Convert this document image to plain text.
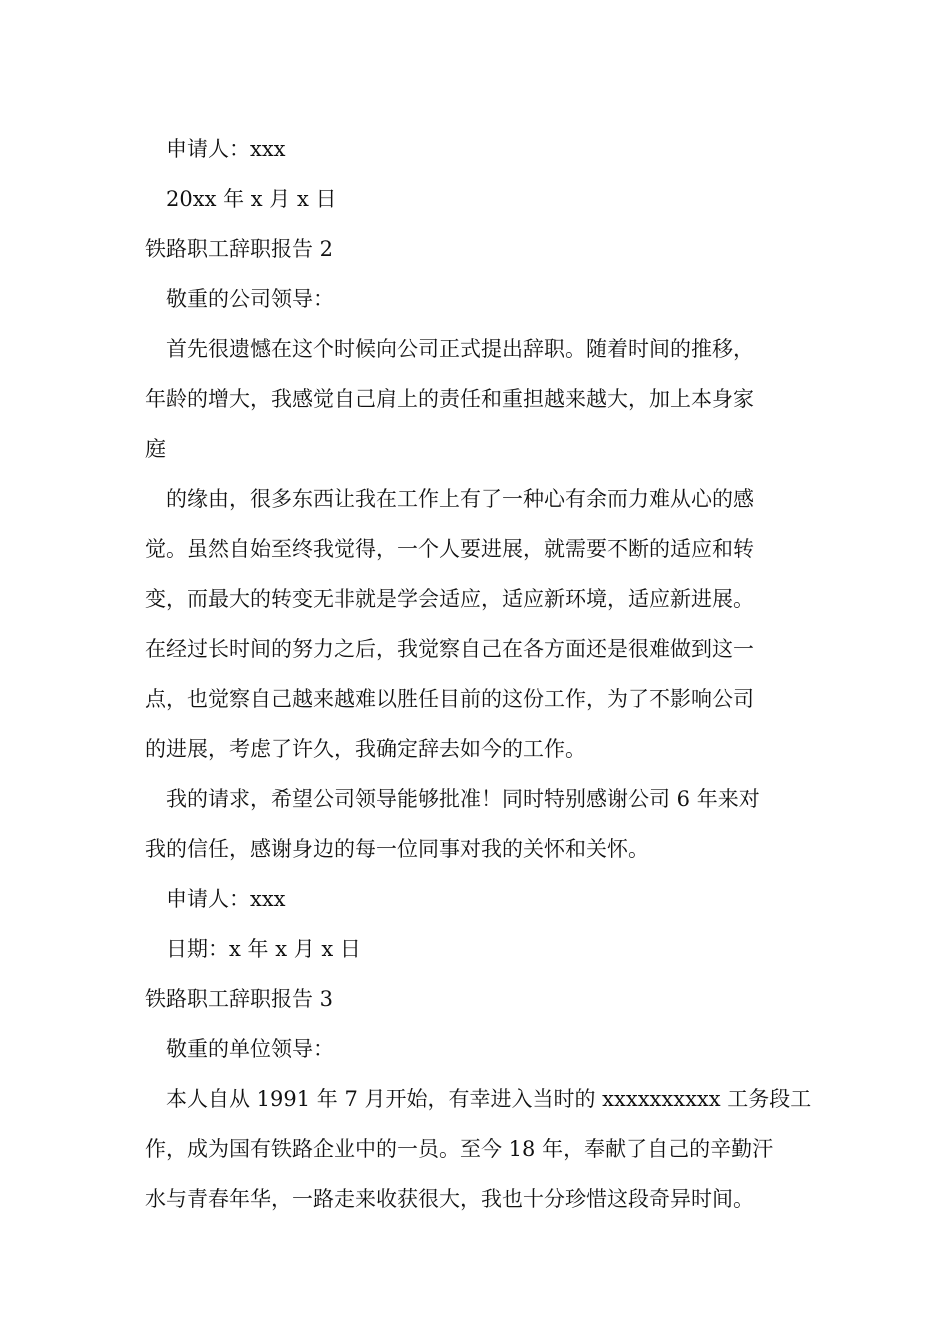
申请人：xxx

20xx 年 x 月 x 日

铁路职工辞职报告 2

敬重的公司领导：

首先很遗憾在这个时候向公司正式提出辞职。随着时间的推移，

年龄的增大，我感觉自己肩上的责任和重担越来越大，加上本身家

庭

的缘由，很多东西让我在工作上有了一种心有余而力难从心的感

觉。虽然自始至终我觉得，一个人要进展，就需要不断的适应和转

变，而最大的转变无非就是学会适应，适应新环境，适应新进展。

在经过长时间的努力之后，我觉察自己在各方面还是很难做到这一

点，也觉察自己越来越难以胜任目前的这份工作，为了不影响公司

的进展，考虑了许久，我确定辞去如今的工作。

我的请求，希望公司领导能够批准！同时特别感谢公司 6 年来对

我的信任，感谢身边的每一位同事对我的关怀和关怀。

申请人：xxx

日期：x 年 x 月 x 日

铁路职工辞职报告 3

敬重的单位领导：

本人自从 1991 年 7 月开始，有幸进入当时的 xxxxxxxxxx 工务段工

作，成为国有铁路企业中的一员。至今 18 年，奉献了自己的辛勤汗

水与青春年华，一路走来收获很大，我也十分珍惜这段奇异时间。
